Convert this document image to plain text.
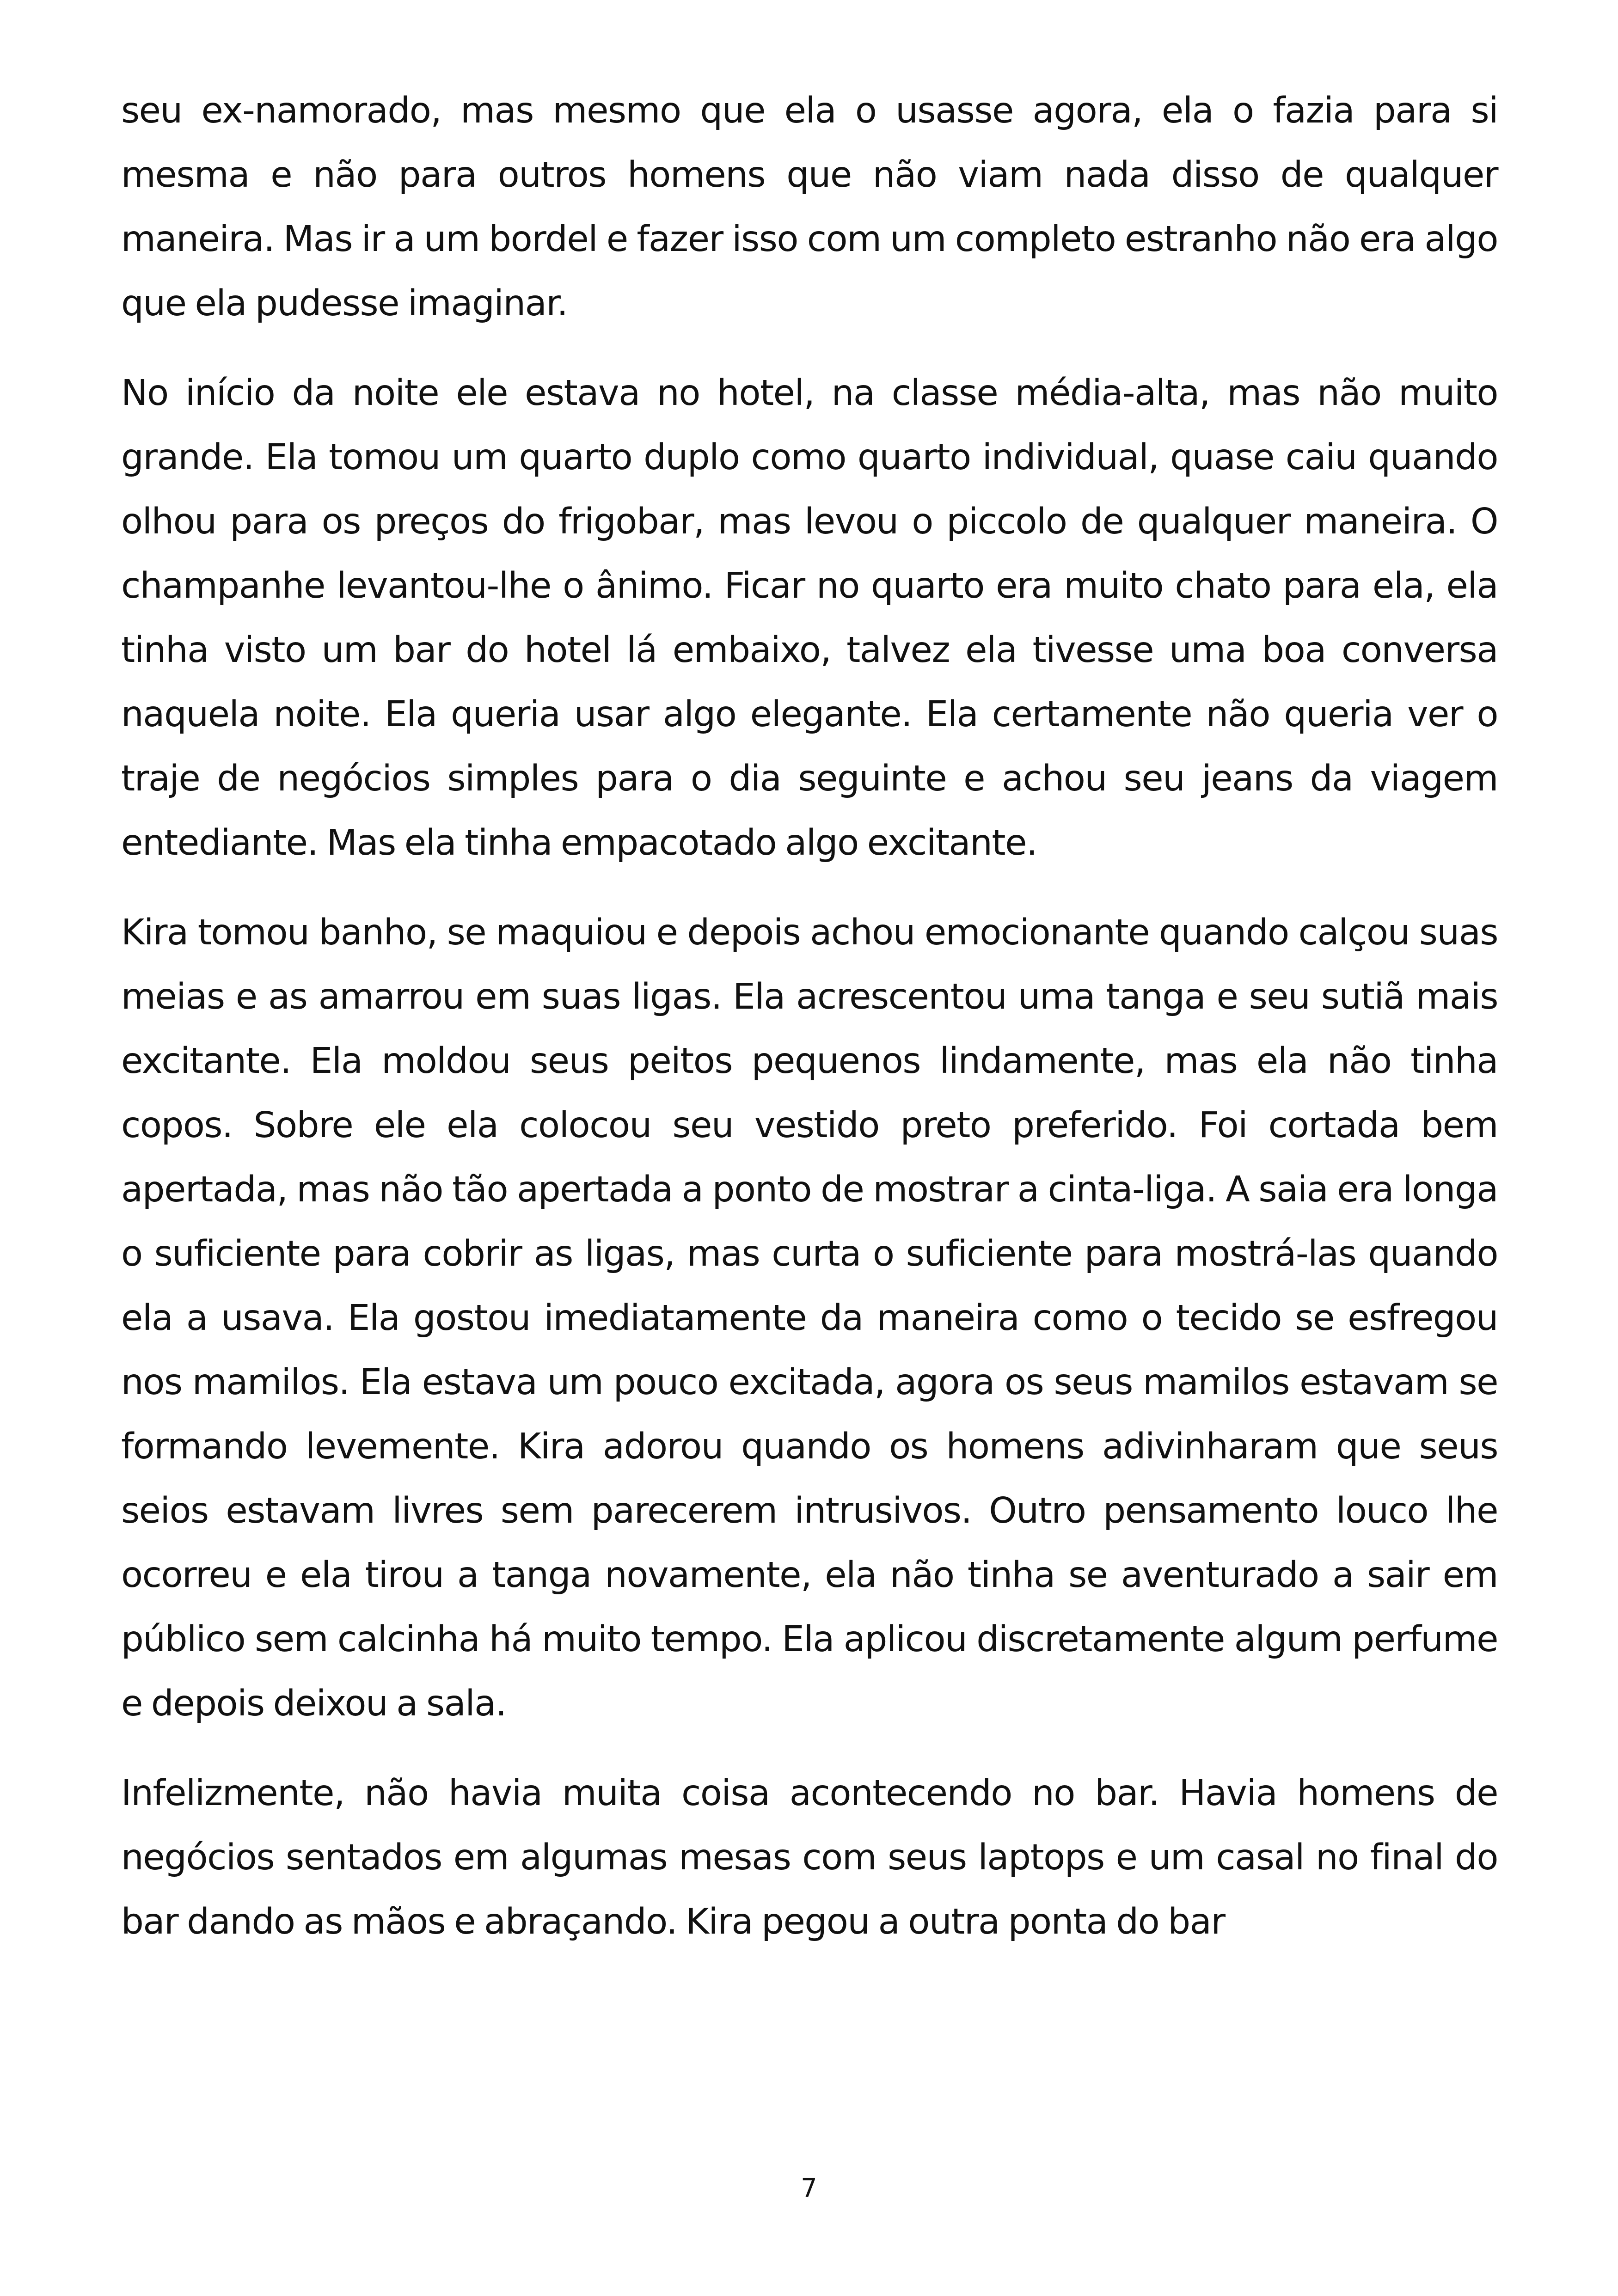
seu ex-namorado, mas mesmo que ela o usasse agora, ela o fazia para si mesma e não para outros homens que não viam nada disso de qualquer maneira. Mas ir a um bordel e fazer isso com um completo estranho não era algo que ela pudesse imaginar.

No início da noite ele estava no hotel, na classe média-alta, mas não muito grande. Ela tomou um quarto duplo como quarto individual, quase caiu quando olhou para os preços do frigobar, mas levou o piccolo de qualquer maneira. O champanhe levantou-lhe o ânimo. Ficar no quarto era muito chato para ela, ela tinha visto um bar do hotel lá embaixo, talvez ela tivesse uma boa conversa naquela noite. Ela queria usar algo elegante. Ela certamente não queria ver o traje de negócios simples para o dia seguinte e achou seu jeans da viagem entediante. Mas ela tinha empacotado algo excitante.

Kira tomou banho, se maquiou e depois achou emocionante quando calçou suas meias e as amarrou em suas ligas. Ela acrescentou uma tanga e seu sutiã mais excitante. Ela moldou seus peitos pequenos lindamente, mas ela não tinha copos. Sobre ele ela colocou seu vestido preto preferido. Foi cortada bem apertada, mas não tão apertada a ponto de mostrar a cinta-liga. A saia era longa o suficiente para cobrir as ligas, mas curta o suficiente para mostrá-las quando ela a usava. Ela gostou imediatamente da maneira como o tecido se esfregou nos mamilos. Ela estava um pouco excitada, agora os seus mamilos estavam se formando levemente. Kira adorou quando os homens adivinharam que seus seios estavam livres sem parecerem intrusivos. Outro pensamento louco lhe ocorreu e ela tirou a tanga novamente, ela não tinha se aventurado a sair em público sem calcinha há muito tempo. Ela aplicou discretamente algum perfume e depois deixou a sala.

Infelizmente, não havia muita coisa acontecendo no bar. Havia homens de negócios sentados em algumas mesas com seus laptops e um casal no final do bar dando as mãos e abraçando. Kira pegou a outra ponta do bar

7
